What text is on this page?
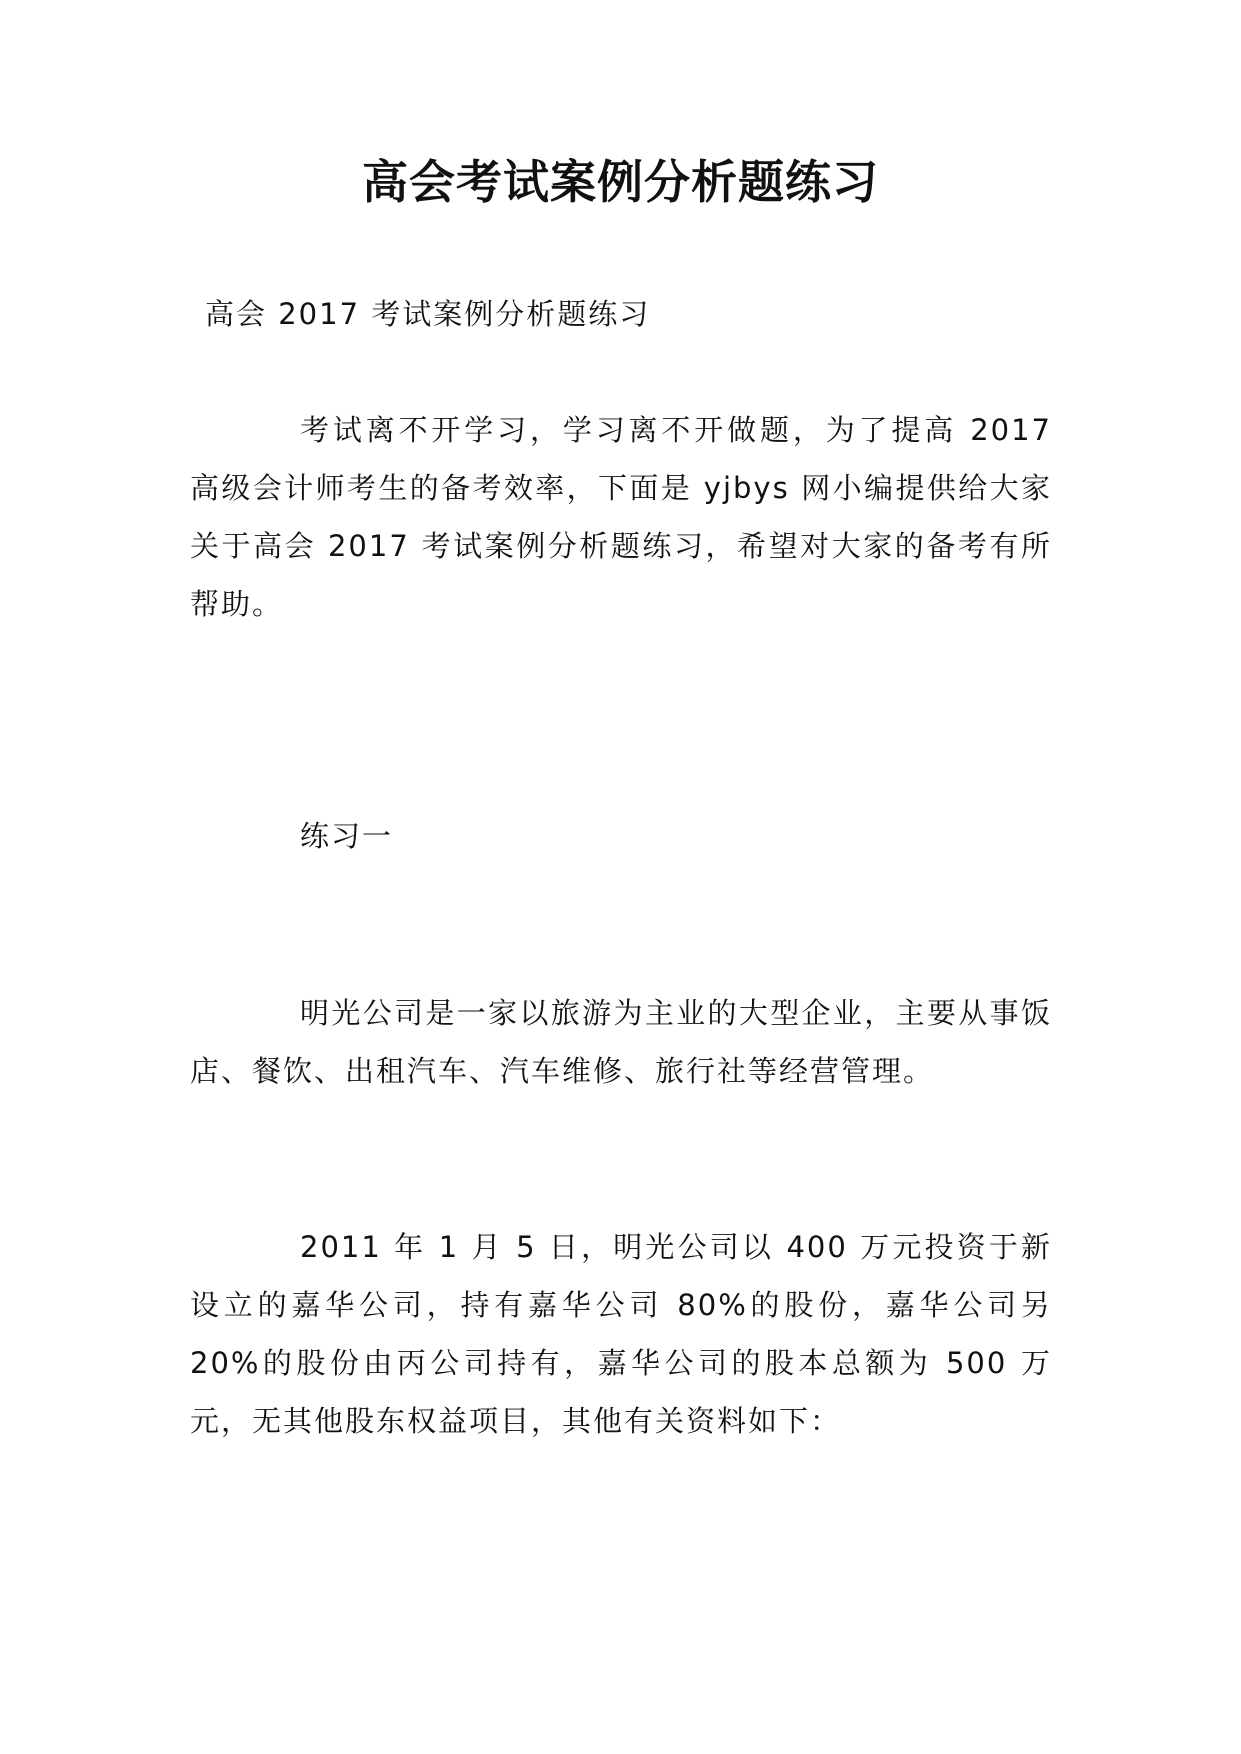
高会考试案例分析题练习

高会 2017 考试案例分析题练习

考试离不开学习，学习离不开做题，为了提高 2017 高级会计师考生的备考效率，下面是 yjbys 网小编提供给大家关于高会 2017 考试案例分析题练习，希望对大家的备考有所帮助。

练习一

明光公司是一家以旅游为主业的大型企业，主要从事饭店、餐饮、出租汽车、汽车维修、旅行社等经营管理。

2011 年 1 月 5 日，明光公司以 400 万元投资于新设立的嘉华公司，持有嘉华公司 80%的股份，嘉华公司另 20%的股份由丙公司持有，嘉华公司的股本总额为 500 万元，无其他股东权益项目，其他有关资料如下：
